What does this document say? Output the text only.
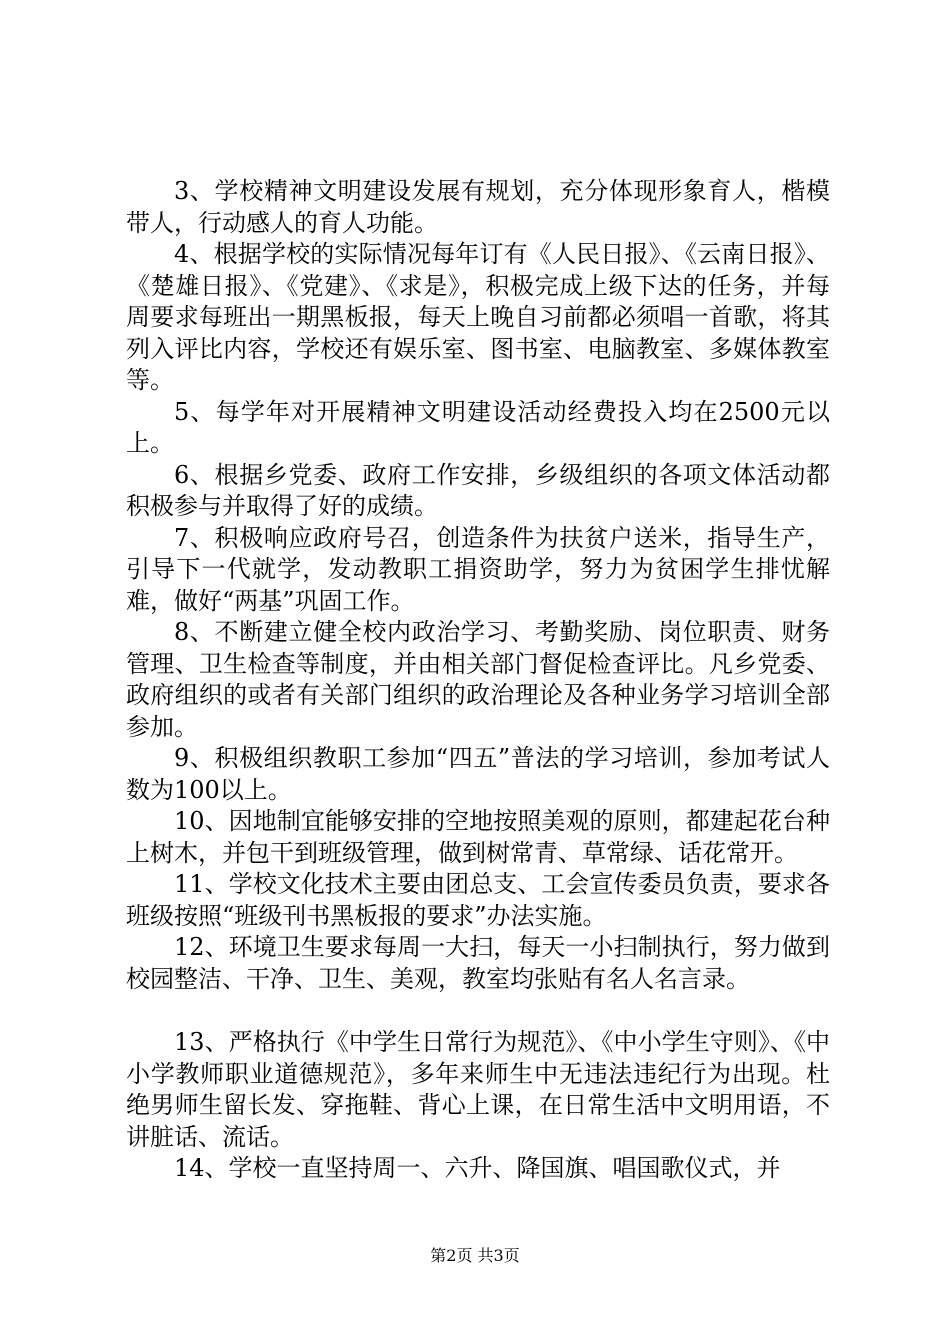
3、学校精神文明建设发展有规划，充分体现形象育人，楷模带人，行动感人的育人功能。

4、根据学校的实际情况每年订有《人民日报》、《云南日报》、《楚雄日报》、《党建》、《求是》，积极完成上级下达的任务，并每周要求每班出一期黑板报，每天上晚自习前都必须唱一首歌，将其列入评比内容，学校还有娱乐室、图书室、电脑教室、多媒体教室等。

5、每学年对开展精神文明建设活动经费投入均在2500元以上。

6、根据乡党委、政府工作安排，乡级组织的各项文体活动都积极参与并取得了好的成绩。

7、积极响应政府号召，创造条件为扶贫户送米，指导生产，引导下一代就学，发动教职工捐资助学，努力为贫困学生排忧解难，做好“两基”巩固工作。

8、不断建立健全校内政治学习、考勤奖励、岗位职责、财务管理、卫生检查等制度，并由相关部门督促检查评比。凡乡党委、政府组织的或者有关部门组织的政治理论及各种业务学习培训全部参加。

9、积极组织教职工参加“四五”普法的学习培训，参加考试人数为100以上。

10、因地制宜能够安排的空地按照美观的原则，都建起花台种上树木，并包干到班级管理，做到树常青、草常绿、话花常开。

11、学校文化技术主要由团总支、工会宣传委员负责，要求各班级按照“班级刊书黑板报的要求”办法实施。

12、环境卫生要求每周一大扫，每天一小扫制执行，努力做到校园整洁、干净、卫生、美观，教室均张贴有名人名言录。

13、严格执行《中学生日常行为规范》、《中小学生守则》、《中小学教师职业道德规范》，多年来师生中无违法违纪行为出现。杜绝男师生留长发、穿拖鞋、背心上课，在日常生活中文明用语，不讲脏话、流话。

14、学校一直坚持周一、六升、降国旗、唱国歌仪式，并

第2页 共3页
